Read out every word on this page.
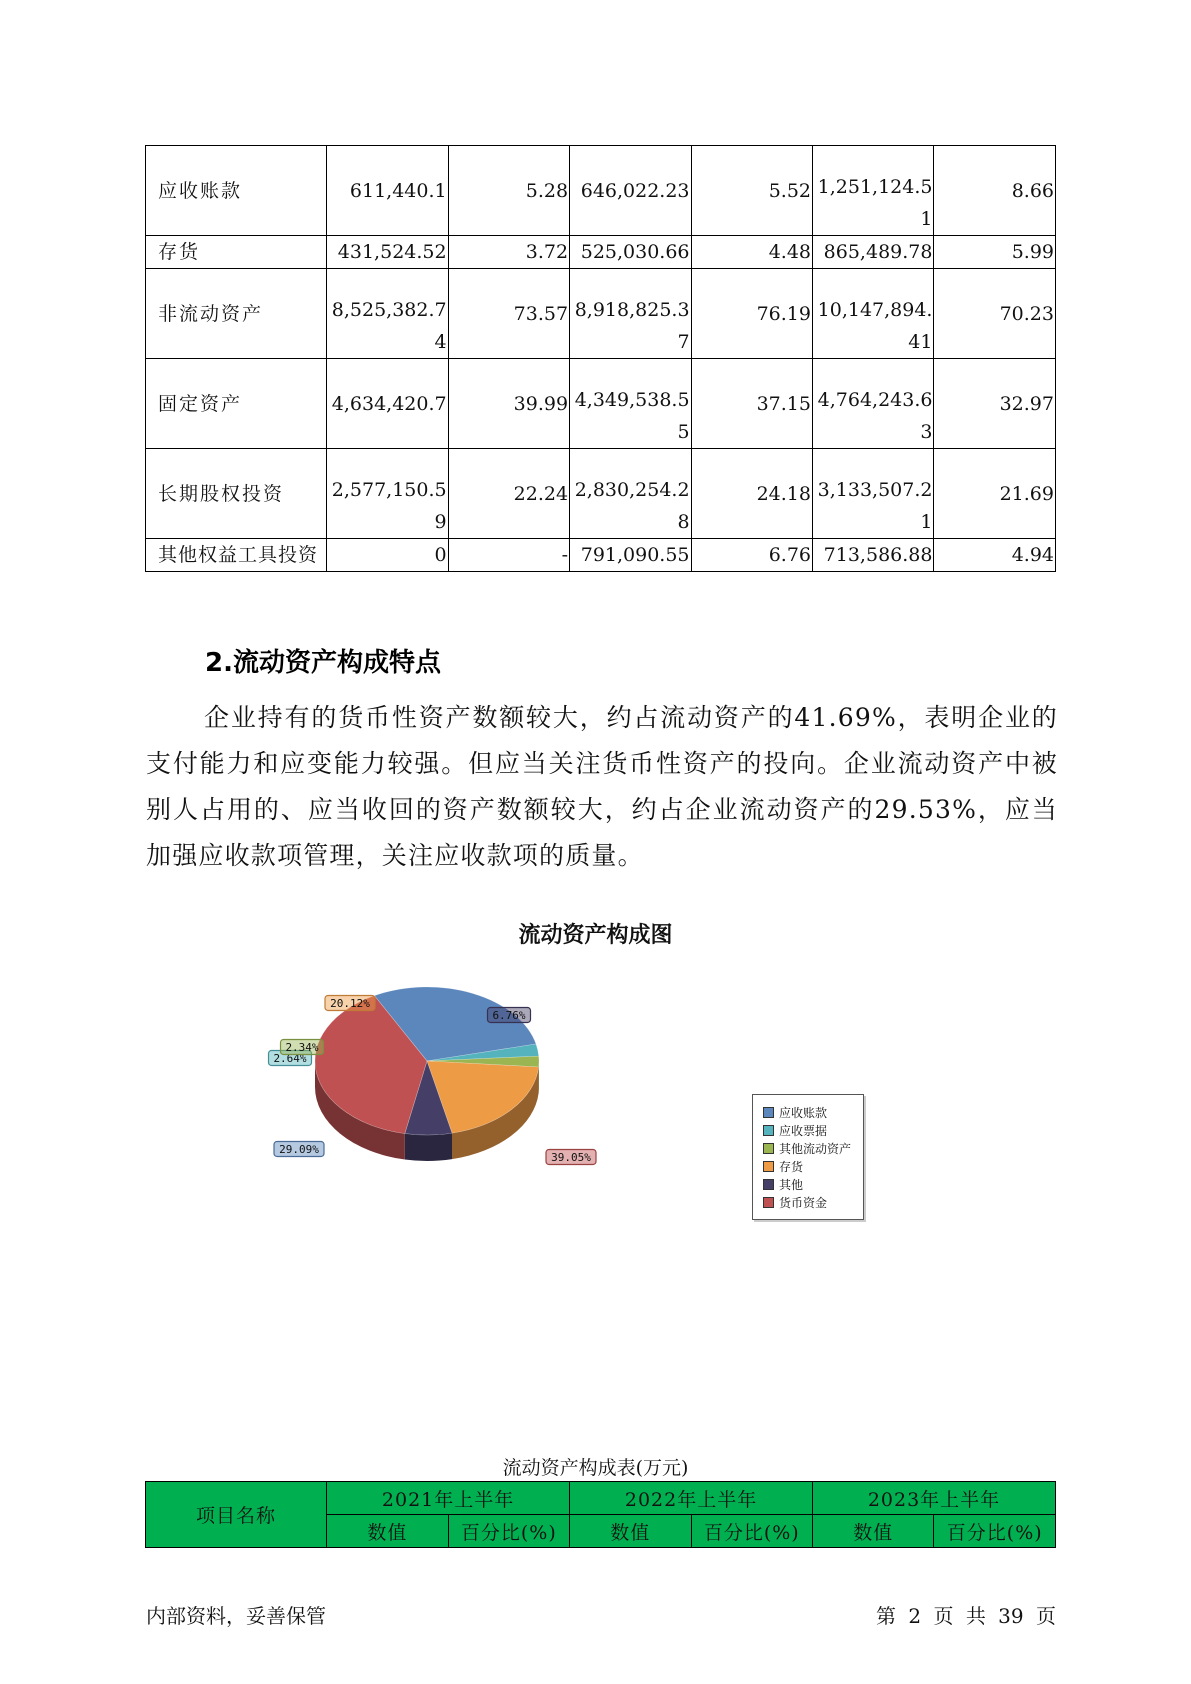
应收账款	611,440.1	5.28	646,022.23	5.52	1,251,124.51	8.66
存货	431,524.52	3.72	525,030.66	4.48	865,489.78	5.99
非流动资产	8,525,382.74	73.57	8,918,825.37	76.19	10,147,894.41	70.23
固定资产	4,634,420.7	39.99	4,349,538.55	37.15	4,764,243.63	32.97
长期股权投资	2,577,150.59	22.24	2,830,254.28	24.18	3,133,507.21	21.69
其他权益工具投资	0	-	791,090.55	6.76	713,586.88	4.94
2.流动资产构成特点

企业持有的货币性资产数额较大，约占流动资产的41.69%，表明企业的支付能力和应变能力较强。但应当关注货币性资产的投向。企业流动资产中被别人占用的、应当收回的资产数额较大，约占企业流动资产的29.53%，应当加强应收款项管理，关注应收款项的质量。

流动资产构成图
29.09%
2.64%
2.34%
20.12%
6.76%
39.05%
应收账款
应收票据
其他流动资产
存货
其他
货币资金

流动资产构成表(万元)

项目名称	2021年上半年		2022年上半年		2023年上半年	
	数值	百分比(%)	数值	百分比(%)	数值	百分比(%)
内部资料，妥善保管	第 2 页 共 39 页
